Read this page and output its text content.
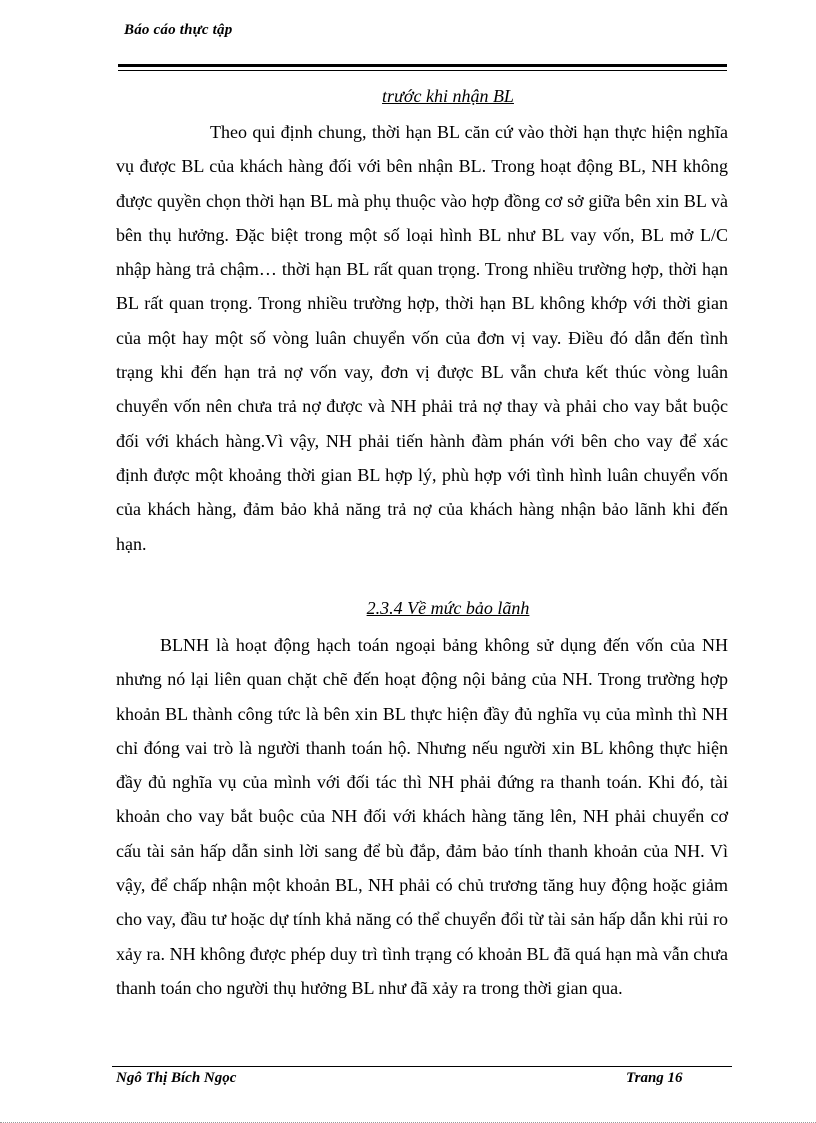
Báo cáo thực tập
trước khi nhận BL

Theo qui định chung, thời hạn BL căn cứ vào thời hạn thực hiện nghĩa vụ được BL của khách hàng đối với bên nhận BL. Trong hoạt động BL, NH không được quyền chọn thời hạn BL mà phụ thuộc vào hợp đồng cơ sở giữa bên xin BL và bên thụ hưởng. Đặc biệt trong một số loại hình BL như BL vay vốn, BL mở L/C nhập hàng trả chậm… thời hạn BL rất quan trọng. Trong nhiều trường hợp, thời hạn BL rất quan trọng. Trong nhiều trường hợp, thời hạn BL không khớp với thời gian của một hay một số vòng luân chuyển vốn của đơn vị vay. Điều đó dẫn đến tình trạng khi đến hạn trả nợ vốn vay, đơn vị được BL vẫn chưa kết thúc vòng luân chuyển vốn nên chưa trả nợ được và NH phải trả nợ thay và phải cho vay bắt buộc đối với khách hàng.Vì vậy, NH phải tiến hành đàm phán với bên cho vay để xác định được một khoảng thời gian BL hợp lý, phù hợp với tình hình luân chuyển vốn của khách hàng, đảm bảo khả năng trả nợ của khách hàng nhận bảo lãnh khi đến hạn.

2.3.4 Về mức bảo lãnh

BLNH là hoạt động hạch toán ngoại bảng không sử dụng đến vốn của NH nhưng nó lại liên quan chặt chẽ đến hoạt động nội bảng của NH. Trong trường hợp khoản BL thành công tức là bên xin BL thực hiện đầy đủ nghĩa vụ của mình thì NH chỉ đóng vai trò là người thanh toán hộ. Nhưng nếu người xin BL không thực hiện đầy đủ nghĩa vụ của mình với đối tác thì NH phải đứng ra thanh toán. Khi đó, tài khoản cho vay bắt buộc của NH đối với khách hàng tăng lên, NH phải chuyển cơ cấu tài sản hấp dẫn sinh lời sang để bù đắp, đảm bảo tính thanh khoản của NH. Vì vậy, để chấp nhận một khoản BL, NH phải có chủ trương tăng huy động hoặc giảm cho vay, đầu tư hoặc dự tính khả năng có thể chuyển đổi từ tài sản hấp dẫn khi rủi ro xảy ra. NH không được phép duy trì tình trạng có khoản BL đã quá hạn mà vẫn chưa thanh toán cho người thụ hưởng BL như đã xảy ra trong thời gian qua.

Ngô Thị Bích Ngọc	Trang 16
